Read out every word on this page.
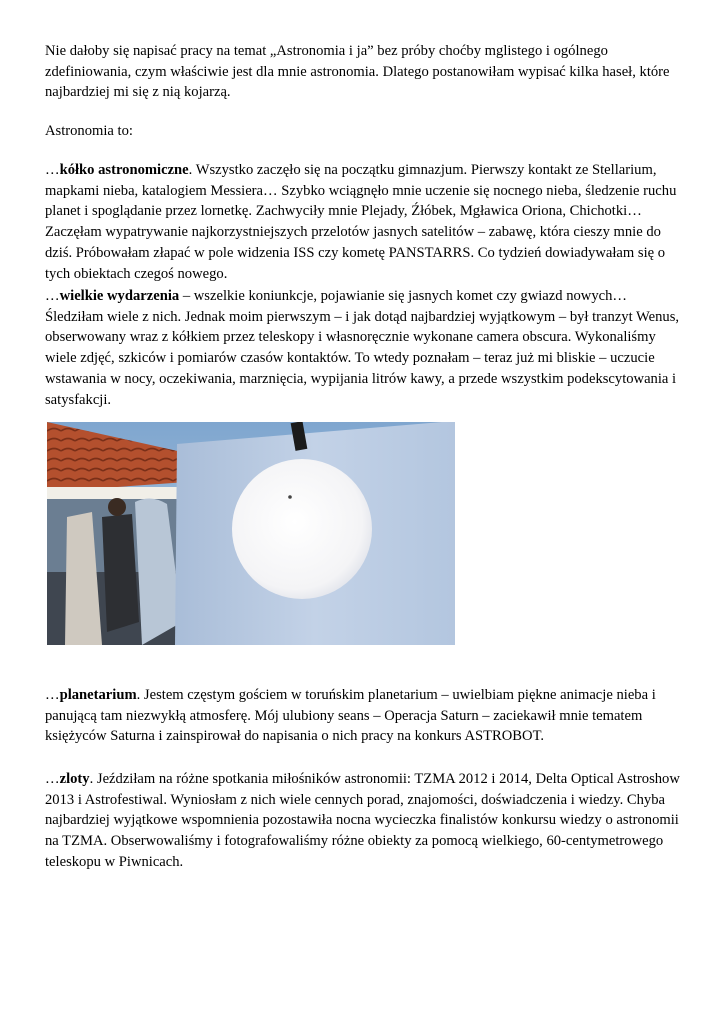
Nie dałoby się napisać pracy na temat „Astronomia i ja” bez próby choćby mglistego i ogólnego zdefiniowania, czym właściwie jest dla mnie astronomia. Dlatego postanowiłam wypisać kilka haseł, które najbardziej mi się z nią kojarzą.

Astronomia to:

…kółko astronomiczne. Wszystko zaczęło się na początku gimnazjum. Pierwszy kontakt ze Stellarium, mapkami nieba, katalogiem Messiera… Szybko wciągnęło mnie uczenie się nocnego nieba, śledzenie ruchu planet i spoglądanie przez lornetkę. Zachwyciły mnie Plejady, Źłóbek, Mgławica Oriona, Chichotki… Zaczęłam wypatrywanie najkorzystniejszych przelotów jasnych satelitów – zabawę, która cieszy mnie do dziś. Próbowałam złapać w pole widzenia ISS czy kometę PANSTARRS. Co tydzień dowiadywałam się o tych obiektach czegoś nowego.

…wielkie wydarzenia – wszelkie koniunkcje, pojawianie się jasnych komet czy gwiazd nowych… Śledziłam wiele z nich. Jednak moim pierwszym – i jak dotąd najbardziej wyjątkowym – był tranzyt Wenus, obserwowany wraz z kółkiem przez teleskopy i własnoręcznie wykonane camera obscura. Wykonaliśmy wiele zdjęć, szkiców i pomiarów czasów kontaktów. To wtedy poznałam – teraz już mi bliskie – uczucie wstawania w nocy, oczekiwania, marznięcia, wypijania litrów kawy, a przede wszystkim podekscytowania i satysfakcji.

…planetarium. Jestem częstym gościem w toruńskim planetarium – uwielbiam piękne animacje nieba i panującą tam niezwykłą atmosferę. Mój ulubiony seans – Operacja Saturn – zaciekawił mnie tematem księżyców Saturna i zainspirował do napisania o nich pracy na konkurs ASTROBOT.

…zloty. Jeździłam na różne spotkania miłośników astronomii: TZMA 2012 i 2014, Delta Optical Astroshow 2013 i Astrofestiwal. Wyniosłam z nich wiele cennych porad, znajomości, doświadczenia i wiedzy. Chyba najbardziej wyjątkowe wspomnienia pozostawiła nocna wycieczka finalistów konkursu wiedzy o astronomii na TZMA. Obserwowaliśmy i fotografowaliśmy różne obiekty za pomocą wielkiego, 60-centymetrowego teleskopu w Piwnicach.
